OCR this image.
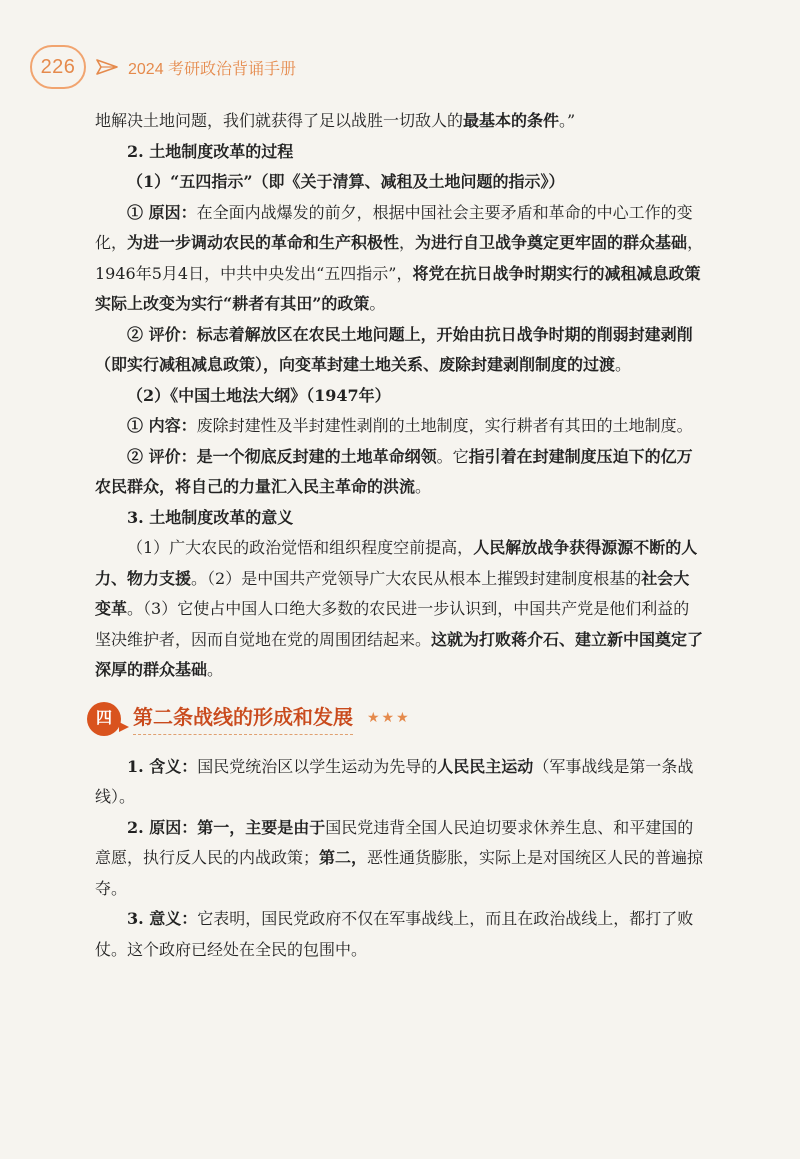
226	2024 考研政治背诵手册

地解决土地问题，我们就获得了足以战胜一切敌人的最基本的条件。”

2. 土地制度改革的过程

（1）“五四指示”（即《关于清算、减租及土地问题的指示》）

① 原因：在全面内战爆发的前夕，根据中国社会主要矛盾和革命的中心工作的变化，为进一步调动农民的革命和生产积极性，为进行自卫战争奠定更牢固的群众基础，1946年5月4日，中共中央发出“五四指示”，将党在抗日战争时期实行的减租减息政策实际上改变为实行“耕者有其田”的政策。

② 评价：标志着解放区在农民土地问题上，开始由抗日战争时期的削弱封建剥削（即实行减租减息政策），向变革封建土地关系、废除封建剥削制度的过渡。

（2）《中国土地法大纲》（1947年）

① 内容：废除封建性及半封建性剥削的土地制度，实行耕者有其田的土地制度。

② 评价：是一个彻底反封建的土地革命纲领。它指引着在封建制度压迫下的亿万农民群众，将自己的力量汇入民主革命的洪流。

3. 土地制度改革的意义

（1）广大农民的政治觉悟和组织程度空前提高，人民解放战争获得源源不断的人力、物力支援。（2）是中国共产党领导广大农民从根本上摧毁封建制度根基的社会大变革。（3）它使占中国人口绝大多数的农民进一步认识到，中国共产党是他们利益的坚决维护者，因而自觉地在党的周围团结起来。这就为打败蒋介石、建立新中国奠定了深厚的群众基础。

四	第二条战线的形成和发展 ★★★

1. 含义：国民党统治区以学生运动为先导的人民民主运动（军事战线是第一条战线）。

2. 原因：第一，主要是由于国民党违背全国人民迫切要求休养生息、和平建国的意愿，执行反人民的内战政策；第二，恶性通货膨胀，实际上是对国统区人民的普遍掠夺。

3. 意义：它表明，国民党政府不仅在军事战线上，而且在政治战线上，都打了败仗。这个政府已经处在全民的包围中。
